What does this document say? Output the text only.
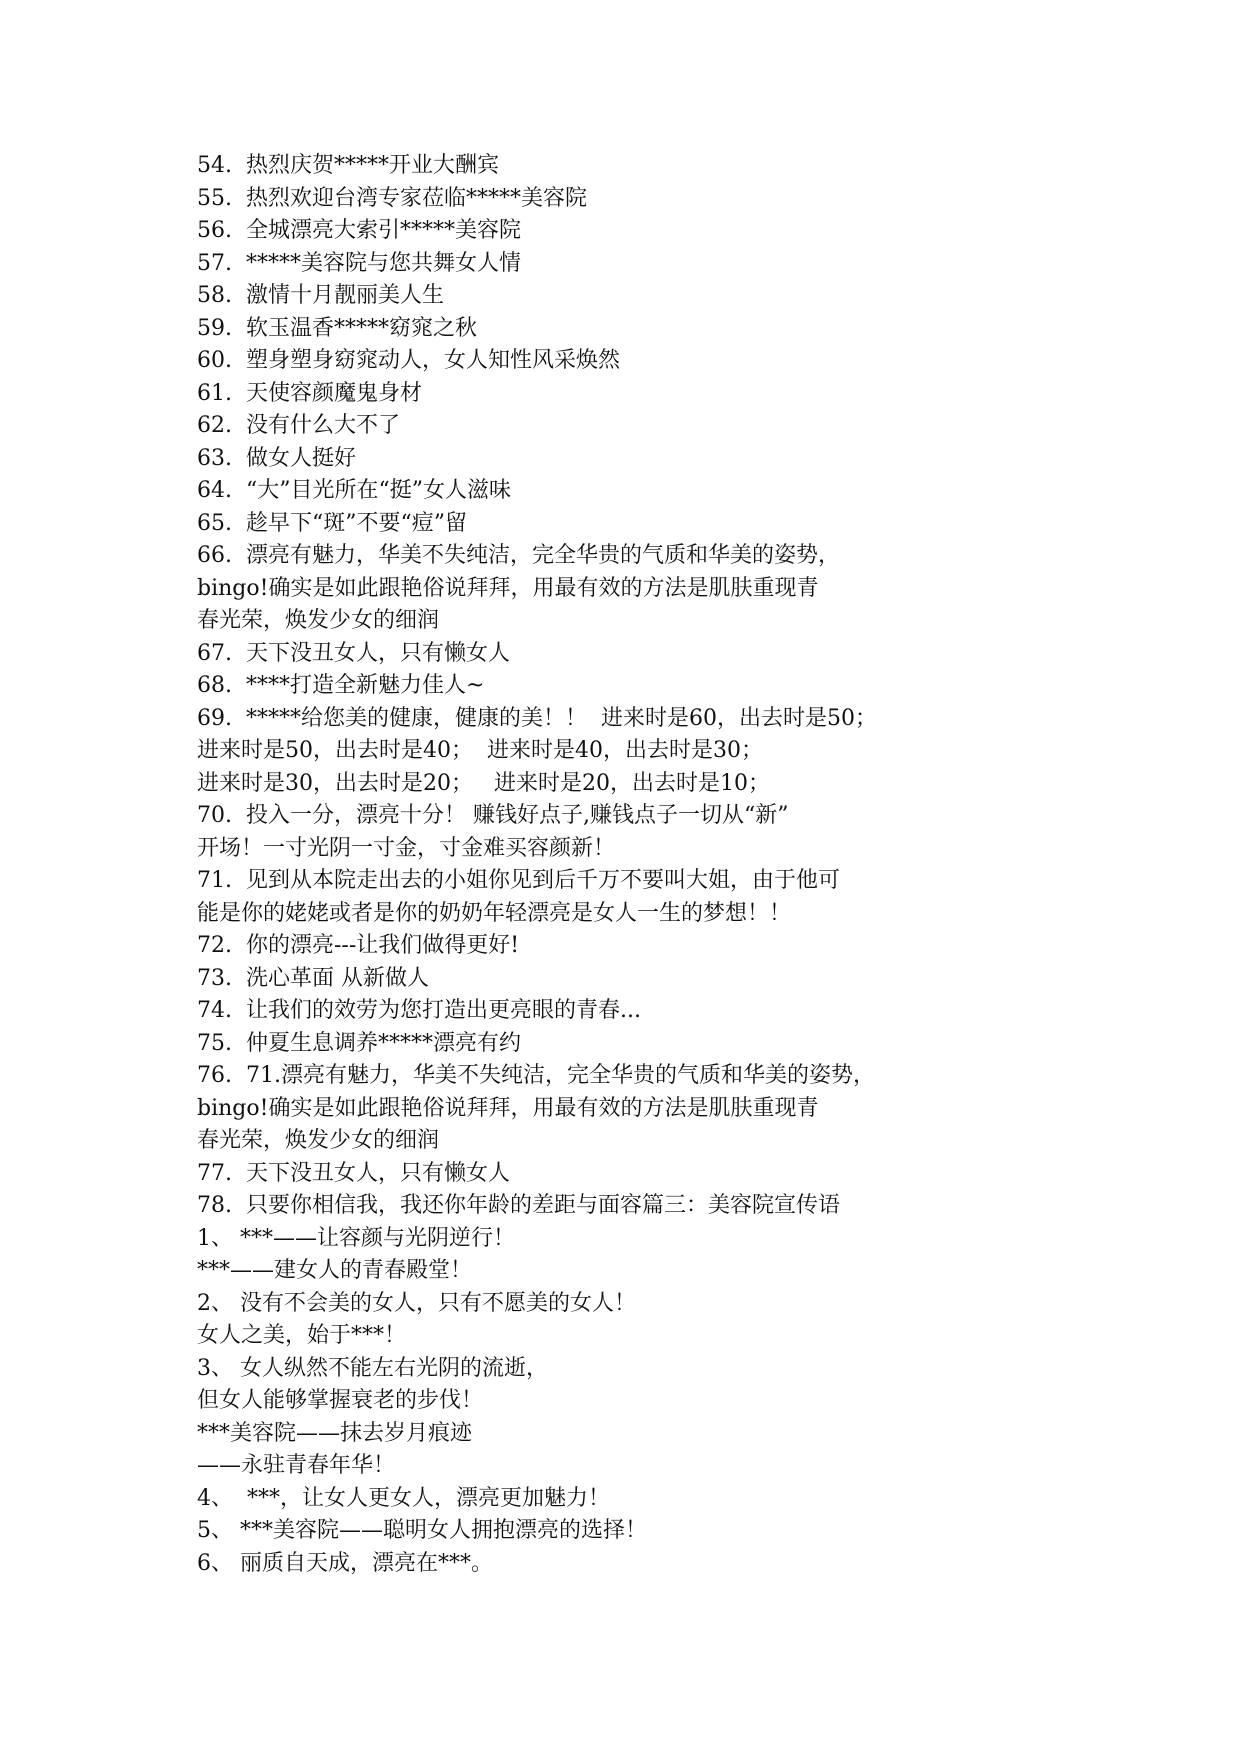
54.  热烈庆贺*****开业大酬宾
55.  热烈欢迎台湾专家莅临*****美容院
56.  全城漂亮大索引*****美容院
57.  *****美容院与您共舞女人情
58.  激情十月靓丽美人生
59.  软玉温香*****窈窕之秋
60.  塑身塑身窈窕动人，女人知性风采焕然
61.  天使容颜魔鬼身材
62.  没有什么大不了
63.  做女人挺好
64.  “大”目光所在“挺”女人滋味
65.  趁早下“斑”不要“痘”留
66.  漂亮有魅力，华美不失纯洁，完全华贵的气质和华美的姿势，
bingo!确实是如此跟艳俗说拜拜，用最有效的方法是肌肤重现青
春光荣，焕发少女的细润
67.  天下没丑女人，只有懒女人
68.  ****打造全新魅力佳人~
69.  *****给您美的健康，健康的美！！  进来时是60，出去时是50；
进来时是50，出去时是40；  进来时是40，出去时是30；
进来时是30，出去时是20；   进来时是20，出去时是10；
70.  投入一分，漂亮十分！ 赚钱好点子,赚钱点子一切从“新”
开场！一寸光阴一寸金，寸金难买容颜新！
71.  见到从本院走出去的小姐你见到后千万不要叫大姐，由于他可
能是你的姥姥或者是你的奶奶年轻漂亮是女人一生的梦想！！
72.  你的漂亮---让我们做得更好!
73.  洗心革面 从新做人
74.  让我们的效劳为您打造出更亮眼的青春...
75.  仲夏生息调养*****漂亮有约
76.  71.漂亮有魅力，华美不失纯洁，完全华贵的气质和华美的姿势，
bingo!确实是如此跟艳俗说拜拜，用最有效的方法是肌肤重现青
春光荣，焕发少女的细润
77.  天下没丑女人，只有懒女人
78.  只要你相信我，我还你年龄的差距与面容篇三：美容院宣传语
1、 ***——让容颜与光阴逆行！
***——建女人的青春殿堂！
2、 没有不会美的女人，只有不愿美的女人！
女人之美，始于***！
3、 女人纵然不能左右光阴的流逝，
但女人能够掌握衰老的步伐！
***美容院——抹去岁月痕迹
——永驻青春年华！
4、  ***，让女人更女人，漂亮更加魅力！
5、 ***美容院——聪明女人拥抱漂亮的选择！
6、 丽质自天成，漂亮在***。
